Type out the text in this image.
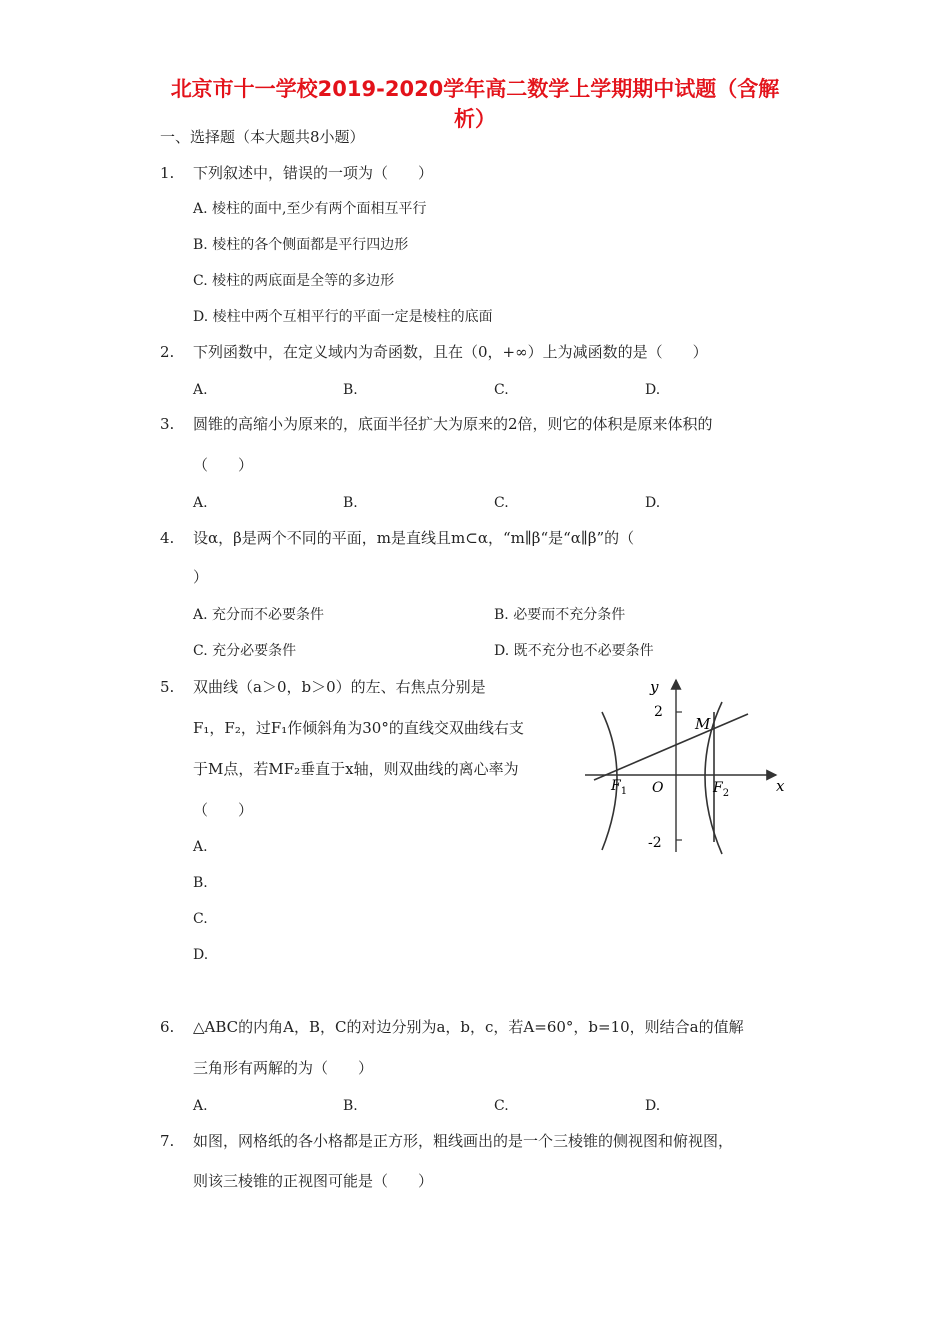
北京市十一学校2019-2020学年高二数学上学期期中试题（含解
析）
一、选择题（本大题共8小题）
1. 下列叙述中，错误的一项为（　　）
A. 棱柱的面中,至少有两个面相互平行
B. 棱柱的各个侧面都是平行四边形
C. 棱柱的两底面是全等的多边形
D. 棱柱中两个互相平行的平面一定是棱柱的底面
2. 下列函数中，在定义域内为奇函数，且在（0，+∞）上为减函数的是（　　）
A.	B.	C.	D.
3. 圆锥的高缩小为原来的，底面半径扩大为原来的2倍，则它的体积是原来体积的
（　　）
A.	B.	C.	D.
4. 设α，β是两个不同的平面，m是直线且m⊂α，“m∥β“是“α∥β”的（
）
A. 充分而不必要条件	B. 必要而不充分条件
C. 充分必要条件	D. 既不充分也不必要条件
5. 双曲线（a＞0，b＞0）的左、右焦点分别是
F₁，F₂，过F₁作倾斜角为30°的直线交双曲线右支
于M点，若MF₂垂直于x轴，则双曲线的离心率为
（　　）
A.
B.
C.
D.
y
x
O
2
-2
M
$F_1$	$F_2$
6. △ABC的内角A，B，C的对边分别为a，b，c，若A=60°，b=10，则结合a的值解
三角形有两解的为（　　）
A.	B.	C.	D.
7. 如图，网格纸的各小格都是正方形，粗线画出的是一个三棱锥的侧视图和俯视图，
则该三棱锥的正视图可能是（　　）
